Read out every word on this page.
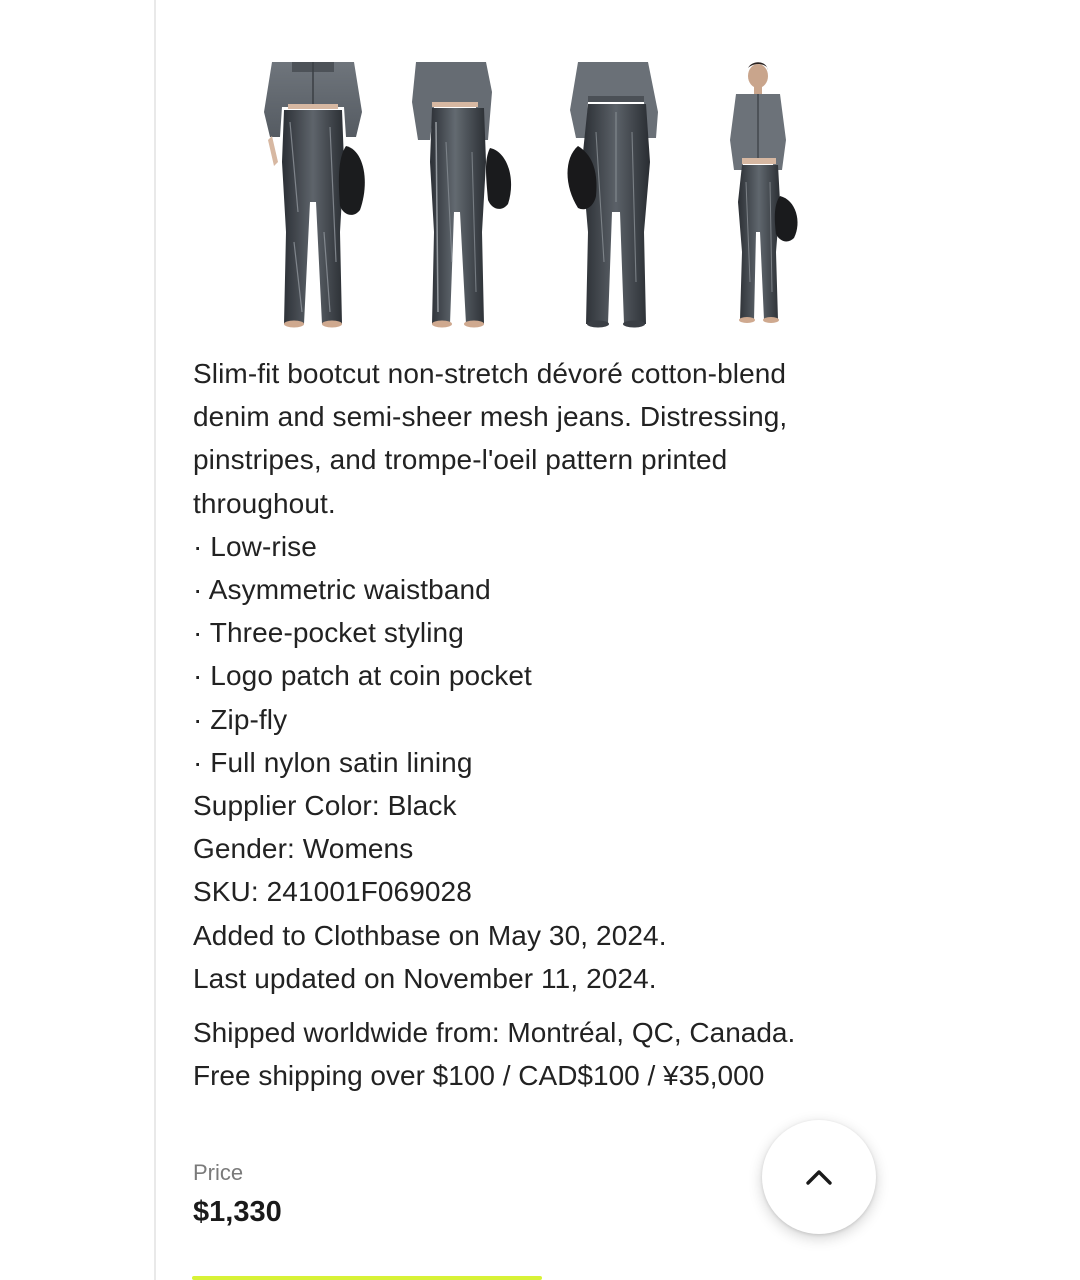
Slim-fit bootcut non-stretch dévoré cotton-blend
denim and semi-sheer mesh jeans. Distressing,
pinstripes, and trompe-l'oeil pattern printed
throughout.
· Low-rise
· Asymmetric waistband
· Three-pocket styling
· Logo patch at coin pocket
· Zip-fly
· Full nylon satin lining
Supplier Color: Black
Gender: Womens
SKU: 241001F069028
Added to Clothbase on May 30, 2024.
Last updated on November 11, 2024.
Shipped worldwide from: Montréal, QC, Canada.
Free shipping over $100 / CAD$100 / ¥35,000
Price
$1,330
